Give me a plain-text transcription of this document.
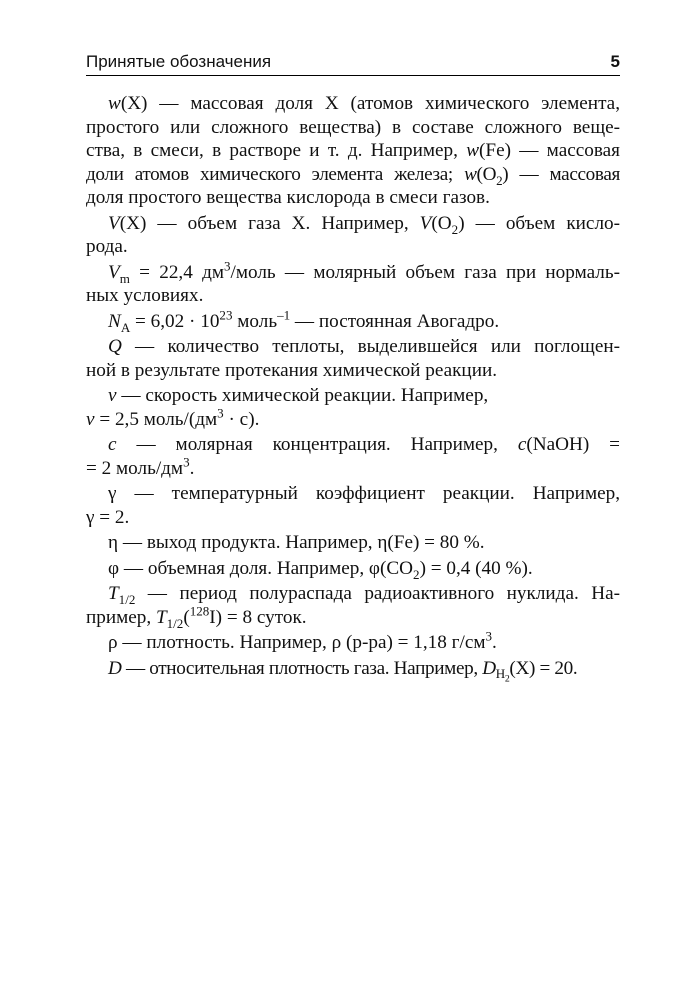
Принятые обозначения	5

w(X) — массовая доля X (атомов химического элемента,
простого или сложного вещества) в составе сложного веще-
ства, в смеси, в растворе и т. д. Например, w(Fe) — массовая
доли атомов химического элемента железа; $w(O_2)$ — массовая
доля простого вещества кислорода в смеси газов.

V(X) — объем газа X. Например, $V(O_2)$ — объем кисло-
рода.

$V_m = 22,4$ $дм^3$/моль — молярный объем газа при нормаль-
ных условиях.

$N_A = 6,02 \cdot 10^{23}$ моль$^{-1}$ — постоянная Авогадро.

Q — количество теплоты, выделившейся или поглощен-
ной в результате протекания химической реакции.

v — скорость химической реакции. Например,
v = 2,5 моль/$(дм^3 \cdot с)$.

c — молярная концентрация. Например, c(NaOH) =
= 2 моль/$дм^3$.

γ — температурный коэффициент реакции. Например,
γ = 2.

η — выход продукта. Например, η(Fe) = 80 %.

φ — объемная доля. Например, $\varphi(CO_2) = 0,4$ (40 %).

$T_{1/2}$ — период полураспада радиоактивного нуклида. На-
пример, $T_{1/2}(^{128}I) = 8$ суток.

ρ — плотность. Например, ρ (р-ра) = 1,18 $г/см^3$.

D — относительная плотность газа. Например, $D_{H_2}(X) = 20$.
